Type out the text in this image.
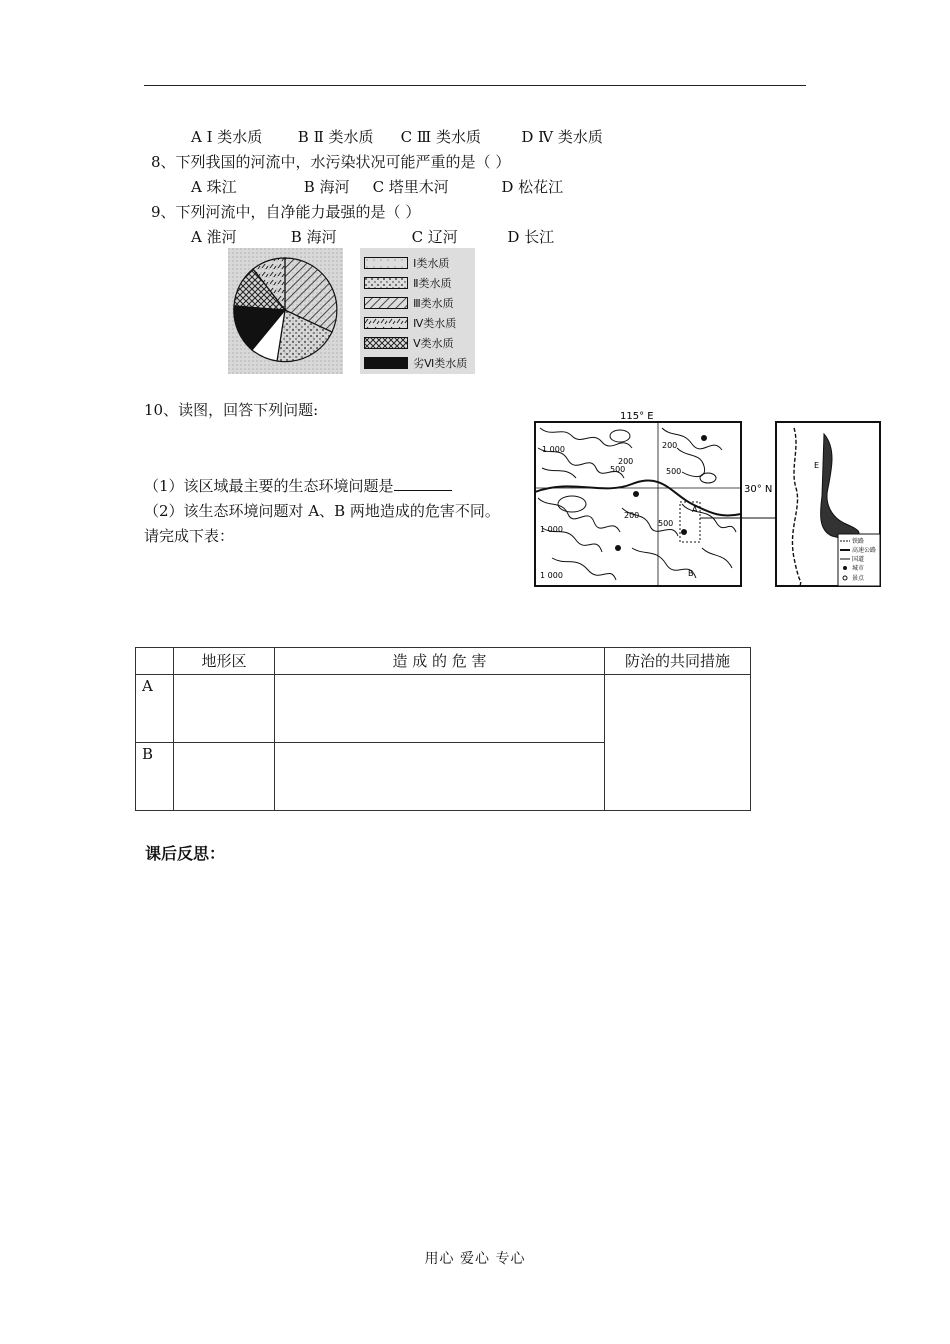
A Ⅰ 类水质 B Ⅱ 类水质 C Ⅲ 类水质	D Ⅳ 类水质
8、下列我国的河流中，水污染状况可能严重的是（ ）
A 珠江	B 海河 C 塔里木河	D 松花江
9、下列河流中，自净能力最强的是（ ）
A 淮河	B 海河	C 辽河	D 长江
Ⅰ类水质
Ⅱ类水质
Ⅲ类水质
Ⅳ类水质
Ⅴ类水质
劣Ⅵ类水质
10、读图，回答下列问题:
（1）该区域最主要的生态环境问题是
（2）该生态环境问题对 A、B 两地造成的危害不同。
请完成下表：
115° E
1 000
500
200
200
500
1 000
200
500
1 000
A
B
30° N
E
铁路
高速公路
国道
城市
景点
	地形区	造 成 的 危 害	防治的共同措施
A			
B			
课后反思：
用心 爱心 专心
